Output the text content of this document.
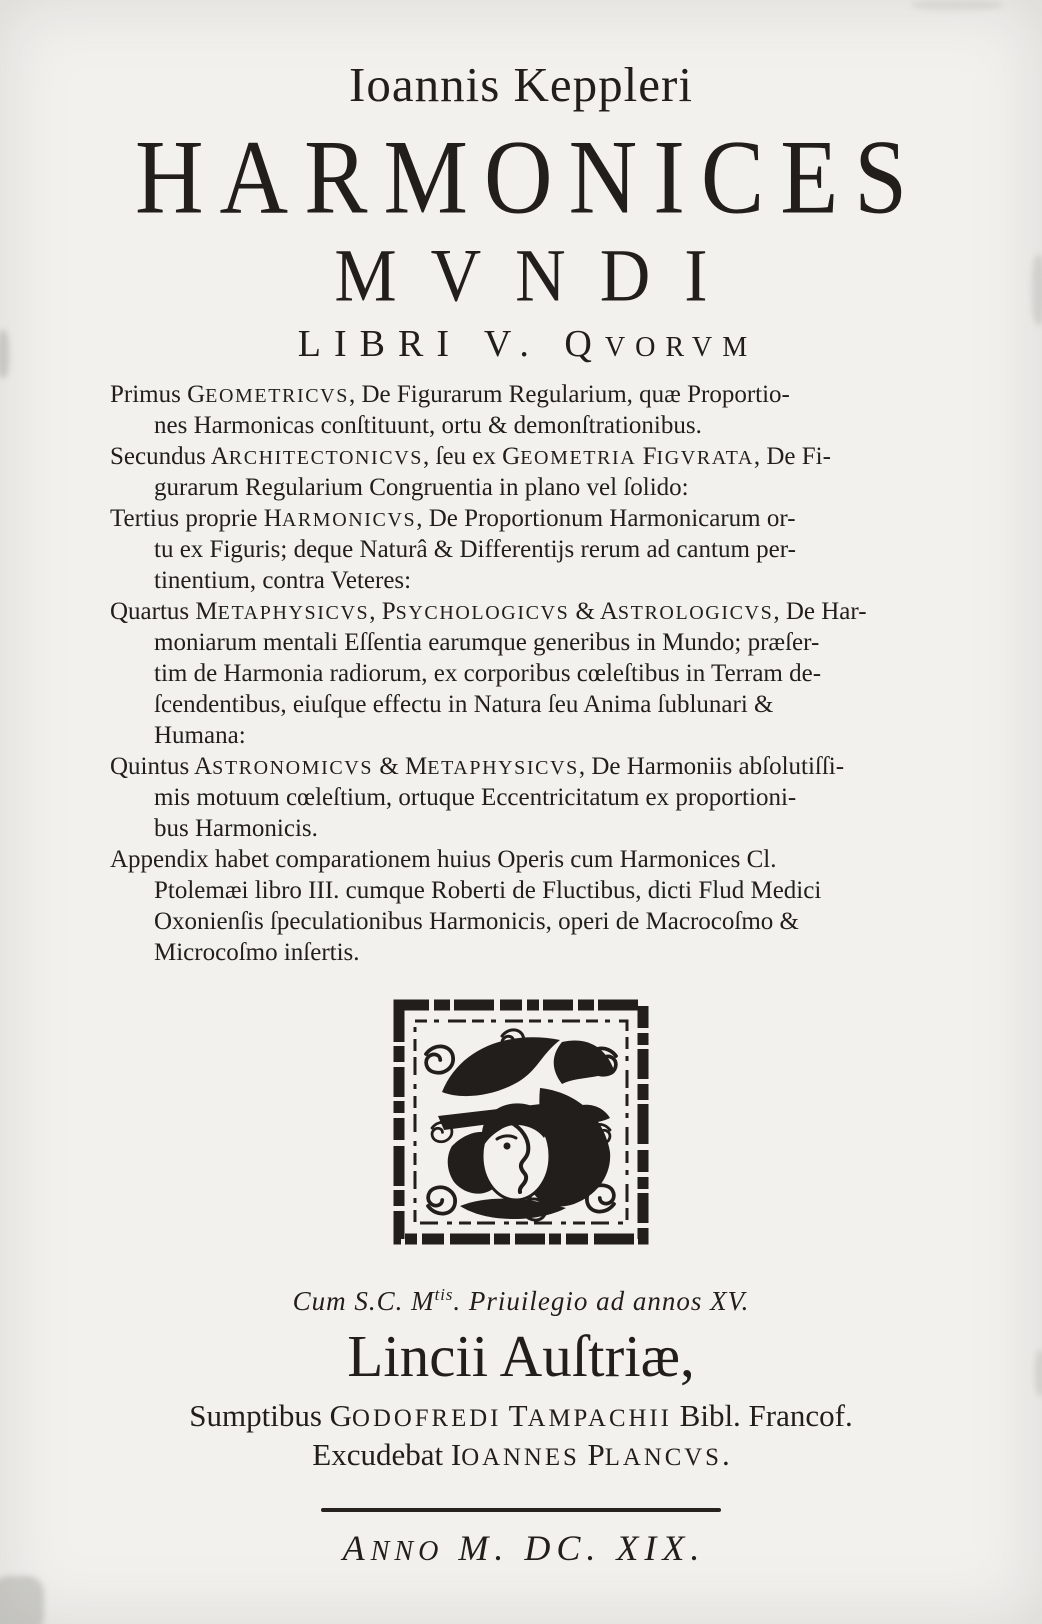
Ioannis Keppleri
HARMONICES
MVNDI
LIBRI V. QVORVM
Primus GEOMETRICVS, De Figurarum Regularium, quæ Proportio-
nes Harmonicas conſtituunt, ortu & demonſtrationibus.
Secundus ARCHITECTONICVS, ſeu ex GEOMETRIA FIGVRATA, De Fi-
gurarum Regularium Congruentia in plano vel ſolido:
Tertius proprie HARMONICVS, De Proportionum Harmonicarum or-
tu ex Figuris; deque Naturâ & Differentijs rerum ad cantum per-
tinentium, contra Veteres:
Quartus METAPHYSICVS, PSYCHOLOGICVS & ASTROLOGICVS, De Har-
moniarum mentali Eſſentia earumque generibus in Mundo; præſer-
tim de Harmonia radiorum, ex corporibus cœleſtibus in Terram de-
ſcendentibus, eiuſque effectu in Natura ſeu Anima ſublunari &
Humana:
Quintus ASTRONOMICVS & METAPHYSICVS, De Harmoniis abſolutiſſi-
mis motuum cœleſtium, ortuque Eccentricitatum ex proportioni-
bus Harmonicis.
Appendix habet comparationem huius Operis cum Harmonices Cl.
Ptolemæi libro III. cumque Roberti de Fluctibus, dicti Flud Medici
Oxonienſis ſpeculationibus Harmonicis, operi de Macrocoſmo &
Microcoſmo inſertis.
Cum S.C. $M^{tis}$. Priuilegio ad annos XV.
Lincii Auſtriæ,
Sumptibus GODOFREDI TAMPACHII Bibl. Francof.
Excudebat IOANNES PLANCVS.
ANNO M. DC. XIX.
